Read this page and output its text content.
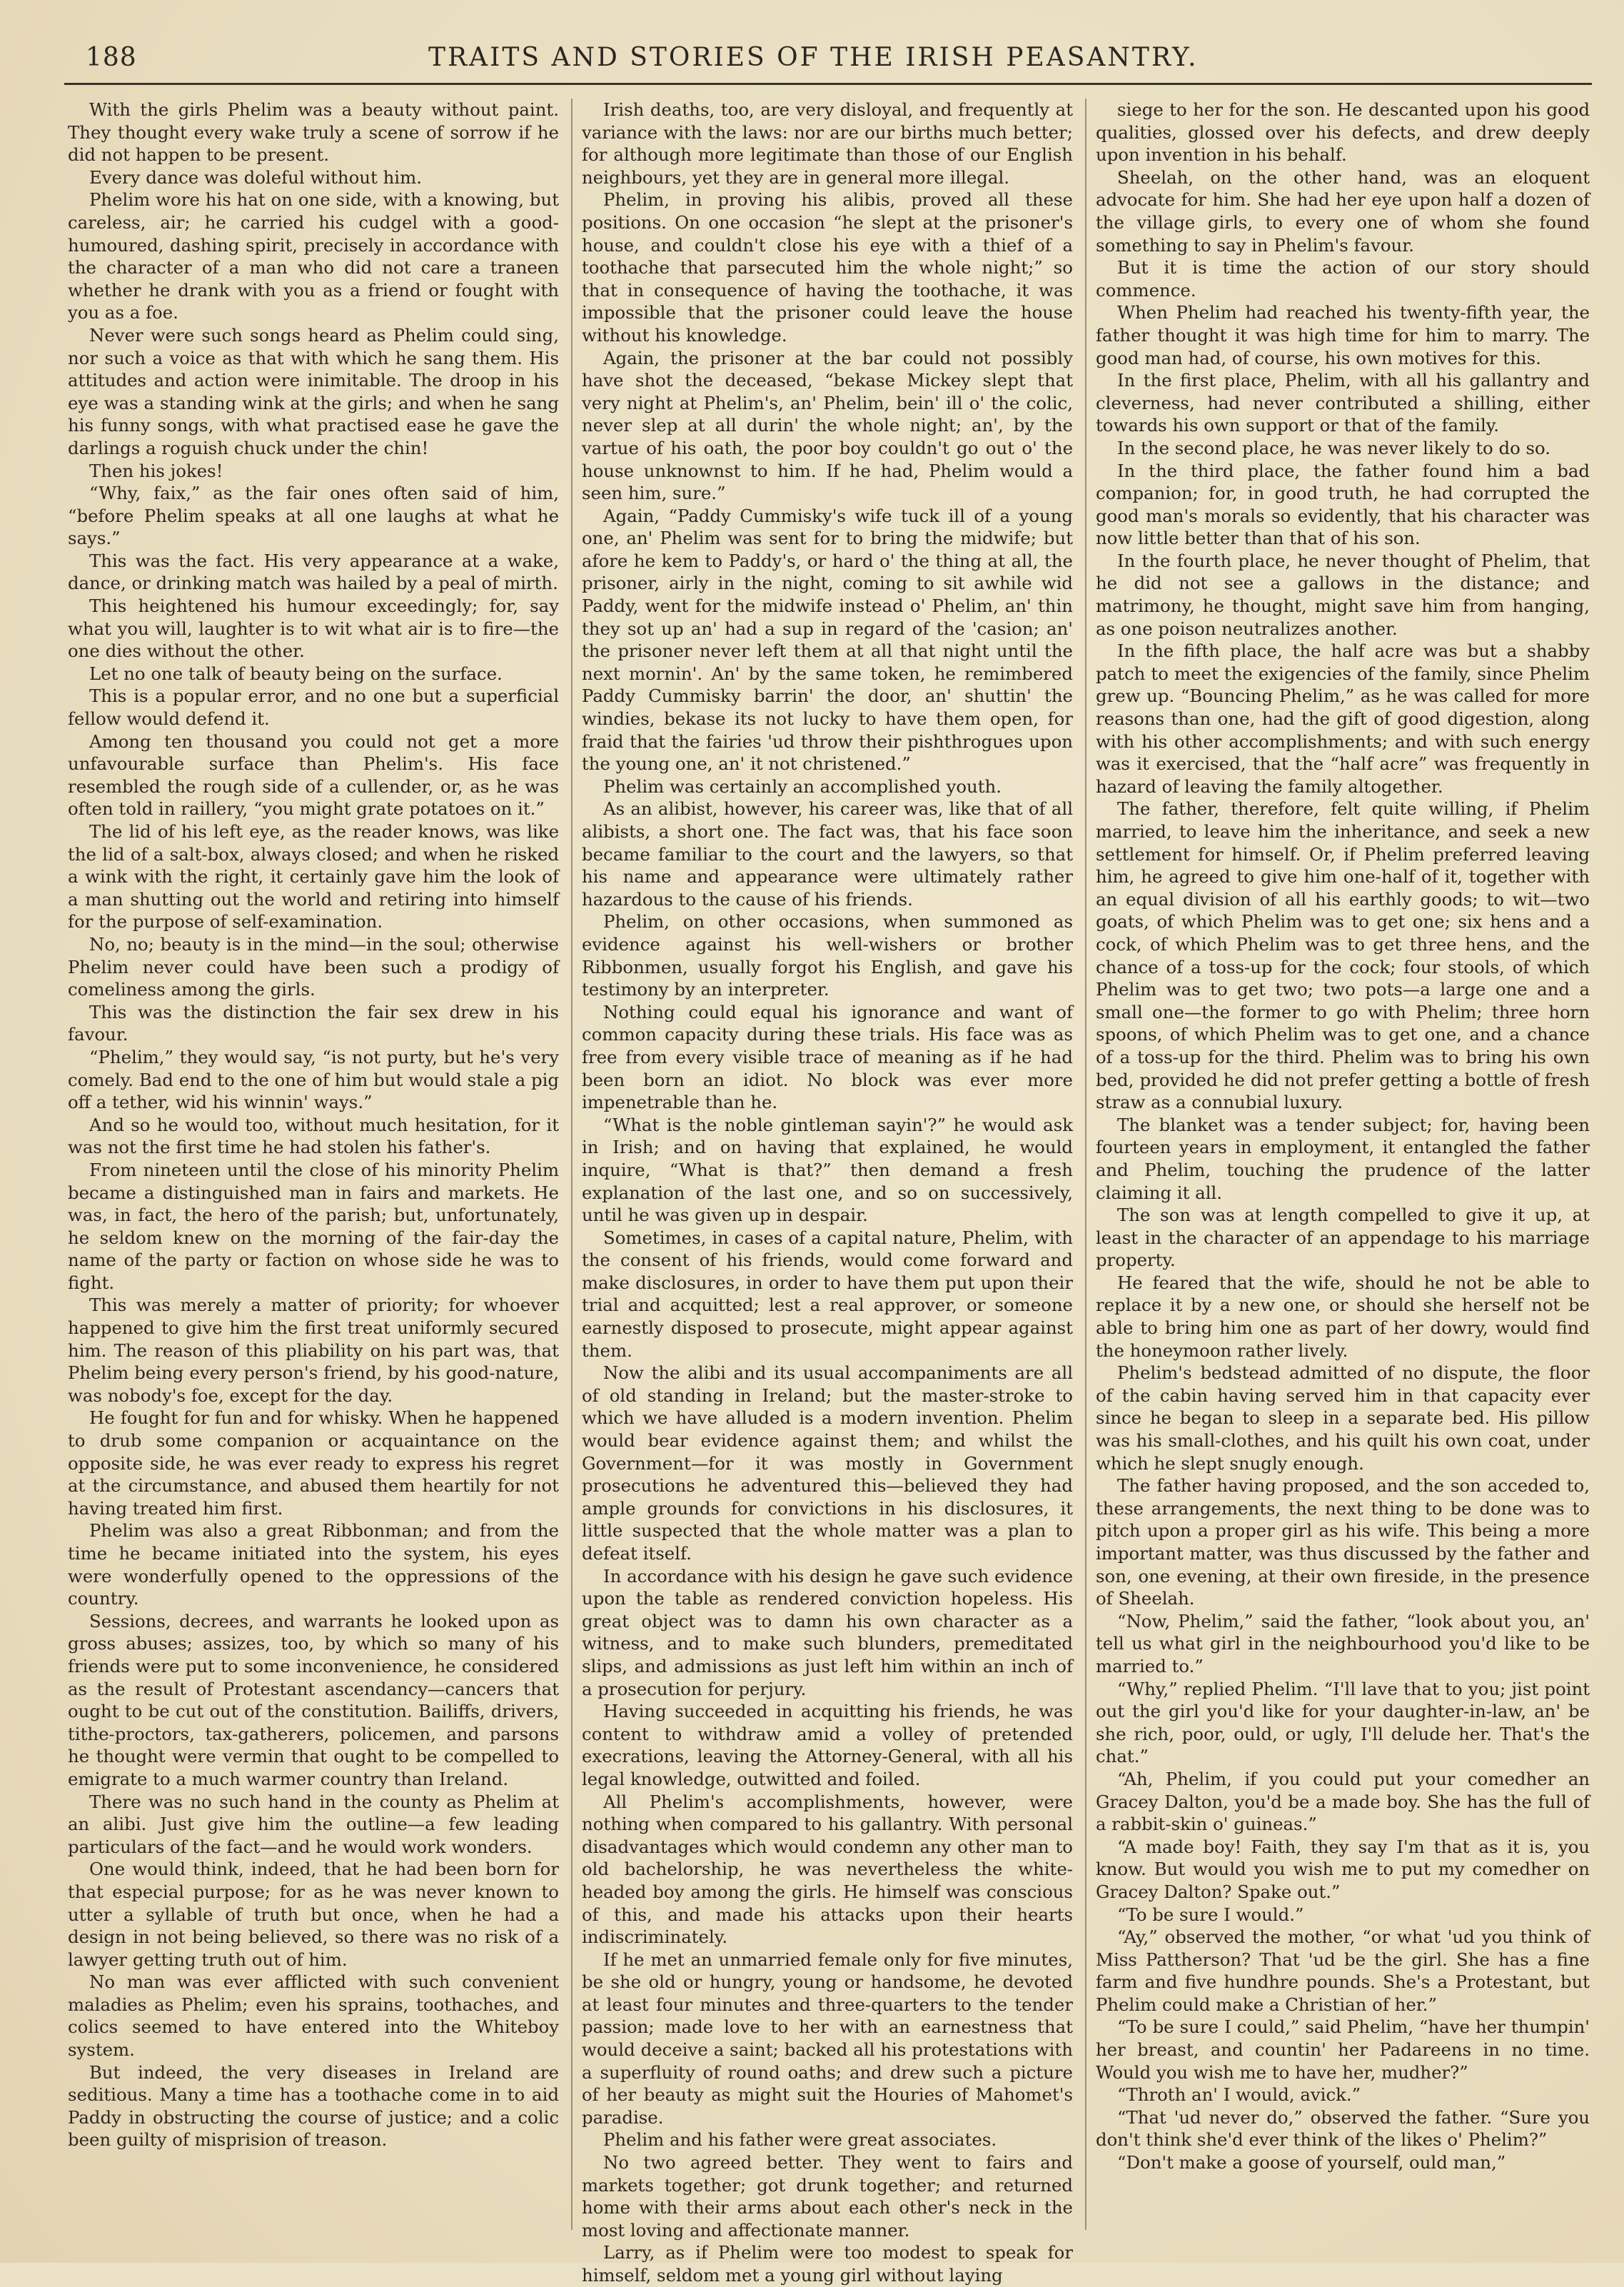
188	TRAITS AND STORIES OF THE IRISH PEASANTRY.

With the girls Phelim was a beauty without paint. They thought every wake truly a scene of sorrow if he did not happen to be present.

Every dance was doleful without him.

Phelim wore his hat on one side, with a knowing, but careless, air; he carried his cudgel with a good-humoured, dashing spirit, precisely in accordance with the character of a man who did not care a traneen whether he drank with you as a friend or fought with you as a foe.

Never were such songs heard as Phelim could sing, nor such a voice as that with which he sang them. His attitudes and action were inimitable. The droop in his eye was a standing wink at the girls; and when he sang his funny songs, with what practised ease he gave the darlings a roguish chuck under the chin!

Then his jokes!

“Why, faix,” as the fair ones often said of him, “before Phelim speaks at all one laughs at what he says.”

This was the fact. His very appearance at a wake, dance, or drinking match was hailed by a peal of mirth.

This heightened his humour exceedingly; for, say what you will, laughter is to wit what air is to fire—the one dies without the other.

Let no one talk of beauty being on the surface.

This is a popular error, and no one but a superficial fellow would defend it.

Among ten thousand you could not get a more unfavourable surface than Phelim's. His face resembled the rough side of a cullender, or, as he was often told in raillery, “you might grate potatoes on it.”

The lid of his left eye, as the reader knows, was like the lid of a salt-box, always closed; and when he risked a wink with the right, it certainly gave him the look of a man shutting out the world and retiring into himself for the purpose of self-examination.

No, no; beauty is in the mind—in the soul; otherwise Phelim never could have been such a prodigy of comeliness among the girls.

This was the distinction the fair sex drew in his favour.

“Phelim,” they would say, “is not purty, but he's very comely. Bad end to the one of him but would stale a pig off a tether, wid his winnin' ways.”

And so he would too, without much hesitation, for it was not the first time he had stolen his father's.

From nineteen until the close of his minority Phelim became a distinguished man in fairs and markets. He was, in fact, the hero of the parish; but, unfortunately, he seldom knew on the morning of the fair-day the name of the party or faction on whose side he was to fight.

This was merely a matter of priority; for whoever happened to give him the first treat uniformly secured him. The reason of this pliability on his part was, that Phelim being every person's friend, by his good-nature, was nobody's foe, except for the day.

He fought for fun and for whisky. When he happened to drub some companion or acquaintance on the opposite side, he was ever ready to express his regret at the circumstance, and abused them heartily for not having treated him first.

Phelim was also a great Ribbonman; and from the time he became initiated into the system, his eyes were wonderfully opened to the oppressions of the country.

Sessions, decrees, and warrants he looked upon as gross abuses; assizes, too, by which so many of his friends were put to some inconvenience, he considered as the result of Protestant ascendancy—cancers that ought to be cut out of the constitution. Bailiffs, drivers, tithe-proctors, tax-gatherers, policemen, and parsons he thought were vermin that ought to be compelled to emigrate to a much warmer country than Ireland.

There was no such hand in the county as Phelim at an alibi. Just give him the outline—a few leading particulars of the fact—and he would work wonders.

One would think, indeed, that he had been born for that especial purpose; for as he was never known to utter a syllable of truth but once, when he had a design in not being believed, so there was no risk of a lawyer getting truth out of him.

No man was ever afflicted with such convenient maladies as Phelim; even his sprains, toothaches, and colics seemed to have entered into the Whiteboy system.

But indeed, the very diseases in Ireland are seditious. Many a time has a toothache come in to aid Paddy in obstructing the course of justice; and a colic been guilty of misprision of treason.

Irish deaths, too, are very disloyal, and frequently at variance with the laws: nor are our births much better; for although more legitimate than those of our English neighbours, yet they are in general more illegal.

Phelim, in proving his alibis, proved all these positions. On one occasion “he slept at the prisoner's house, and couldn't close his eye with a thief of a toothache that parsecuted him the whole night;” so that in consequence of having the toothache, it was impossible that the prisoner could leave the house without his knowledge.

Again, the prisoner at the bar could not possibly have shot the deceased, “bekase Mickey slept that very night at Phelim's, an' Phelim, bein' ill o' the colic, never slep at all durin' the whole night; an', by the vartue of his oath, the poor boy couldn't go out o' the house unknownst to him. If he had, Phelim would a seen him, sure.”

Again, “Paddy Cummisky's wife tuck ill of a young one, an' Phelim was sent for to bring the midwife; but afore he kem to Paddy's, or hard o' the thing at all, the prisoner, airly in the night, coming to sit awhile wid Paddy, went for the midwife instead o' Phelim, an' thin they sot up an' had a sup in regard of the 'casion; an' the prisoner never left them at all that night until the next mornin'. An' by the same token, he remimbered Paddy Cummisky barrin' the door, an' shuttin' the windies, bekase its not lucky to have them open, for fraid that the fairies 'ud throw their pishthrogues upon the young one, an' it not christened.”

Phelim was certainly an accomplished youth.

As an alibist, however, his career was, like that of all alibists, a short one. The fact was, that his face soon became familiar to the court and the lawyers, so that his name and appearance were ultimately rather hazardous to the cause of his friends.

Phelim, on other occasions, when summoned as evidence against his well-wishers or brother Ribbonmen, usually forgot his English, and gave his testimony by an interpreter.

Nothing could equal his ignorance and want of common capacity during these trials. His face was as free from every visible trace of meaning as if he had been born an idiot. No block was ever more impenetrable than he.

“What is the noble gintleman sayin'?” he would ask in Irish; and on having that explained, he would inquire, “What is that?” then demand a fresh explanation of the last one, and so on successively, until he was given up in despair.

Sometimes, in cases of a capital nature, Phelim, with the consent of his friends, would come forward and make disclosures, in order to have them put upon their trial and acquitted; lest a real approver, or someone earnestly disposed to prosecute, might appear against them.

Now the alibi and its usual accompaniments are all of old standing in Ireland; but the master-stroke to which we have alluded is a modern invention. Phelim would bear evidence against them; and whilst the Government—for it was mostly in Government prosecutions he adventured this—believed they had ample grounds for convictions in his disclosures, it little suspected that the whole matter was a plan to defeat itself.

In accordance with his design he gave such evidence upon the table as rendered conviction hopeless. His great object was to damn his own character as a witness, and to make such blunders, premeditated slips, and admissions as just left him within an inch of a prosecution for perjury.

Having succeeded in acquitting his friends, he was content to withdraw amid a volley of pretended execrations, leaving the Attorney-General, with all his legal knowledge, outwitted and foiled.

All Phelim's accomplishments, however, were nothing when compared to his gallantry. With personal disadvantages which would condemn any other man to old bachelorship, he was nevertheless the white-headed boy among the girls. He himself was conscious of this, and made his attacks upon their hearts indiscriminately.

If he met an unmarried female only for five minutes, be she old or hungry, young or handsome, he devoted at least four minutes and three-quarters to the tender passion; made love to her with an earnestness that would deceive a saint; backed all his protestations with a superfluity of round oaths; and drew such a picture of her beauty as might suit the Houries of Mahomet's paradise.

Phelim and his father were great associates.

No two agreed better. They went to fairs and markets together; got drunk together; and returned home with their arms about each other's neck in the most loving and affectionate manner.

Larry, as if Phelim were too modest to speak for himself, seldom met a young girl without laying

siege to her for the son. He descanted upon his good qualities, glossed over his defects, and drew deeply upon invention in his behalf.

Sheelah, on the other hand, was an eloquent advocate for him. She had her eye upon half a dozen of the village girls, to every one of whom she found something to say in Phelim's favour.

But it is time the action of our story should commence.

When Phelim had reached his twenty-fifth year, the father thought it was high time for him to marry. The good man had, of course, his own motives for this.

In the first place, Phelim, with all his gallantry and cleverness, had never contributed a shilling, either towards his own support or that of the family.

In the second place, he was never likely to do so.

In the third place, the father found him a bad companion; for, in good truth, he had corrupted the good man's morals so evidently, that his character was now little better than that of his son.

In the fourth place, he never thought of Phelim, that he did not see a gallows in the distance; and matrimony, he thought, might save him from hanging, as one poison neutralizes another.

In the fifth place, the half acre was but a shabby patch to meet the exigencies of the family, since Phelim grew up. “Bouncing Phelim,” as he was called for more reasons than one, had the gift of good digestion, along with his other accomplishments; and with such energy was it exercised, that the “half acre” was frequently in hazard of leaving the family altogether.

The father, therefore, felt quite willing, if Phelim married, to leave him the inheritance, and seek a new settlement for himself. Or, if Phelim preferred leaving him, he agreed to give him one-half of it, together with an equal division of all his earthly goods; to wit—two goats, of which Phelim was to get one; six hens and a cock, of which Phelim was to get three hens, and the chance of a toss-up for the cock; four stools, of which Phelim was to get two; two pots—a large one and a small one—the former to go with Phelim; three horn spoons, of which Phelim was to get one, and a chance of a toss-up for the third. Phelim was to bring his own bed, provided he did not prefer getting a bottle of fresh straw as a connubial luxury.

The blanket was a tender subject; for, having been fourteen years in employment, it entangled the father and Phelim, touching the prudence of the latter claiming it all.

The son was at length compelled to give it up, at least in the character of an appendage to his marriage property.

He feared that the wife, should he not be able to replace it by a new one, or should she herself not be able to bring him one as part of her dowry, would find the honeymoon rather lively.

Phelim's bedstead admitted of no dispute, the floor of the cabin having served him in that capacity ever since he began to sleep in a separate bed. His pillow was his small-clothes, and his quilt his own coat, under which he slept snugly enough.

The father having proposed, and the son acceded to, these arrangements, the next thing to be done was to pitch upon a proper girl as his wife. This being a more important matter, was thus discussed by the father and son, one evening, at their own fireside, in the presence of Sheelah.

“Now, Phelim,” said the father, “look about you, an' tell us what girl in the neighbourhood you'd like to be married to.”

“Why,” replied Phelim. “I'll lave that to you; jist point out the girl you'd like for your daughter-in-law, an' be she rich, poor, ould, or ugly, I'll delude her. That's the chat.”

“Ah, Phelim, if you could put your comedher an Gracey Dalton, you'd be a made boy. She has the full of a rabbit-skin o' guineas.”

“A made boy! Faith, they say I'm that as it is, you know. But would you wish me to put my comedher on Gracey Dalton? Spake out.”

“To be sure I would.”

“Ay,” observed the mother, “or what 'ud you think of Miss Pattherson? That 'ud be the girl. She has a fine farm and five hundhre pounds. She's a Protestant, but Phelim could make a Christian of her.”

“To be sure I could,” said Phelim, “have her thumpin' her breast, and countin' her Padareens in no time. Would you wish me to have her, mudher?”

“Throth an' I would, avick.”

“That 'ud never do,” observed the father. “Sure you don't think she'd ever think of the likes o' Phelim?”

“Don't make a goose of yourself, ould man,”
